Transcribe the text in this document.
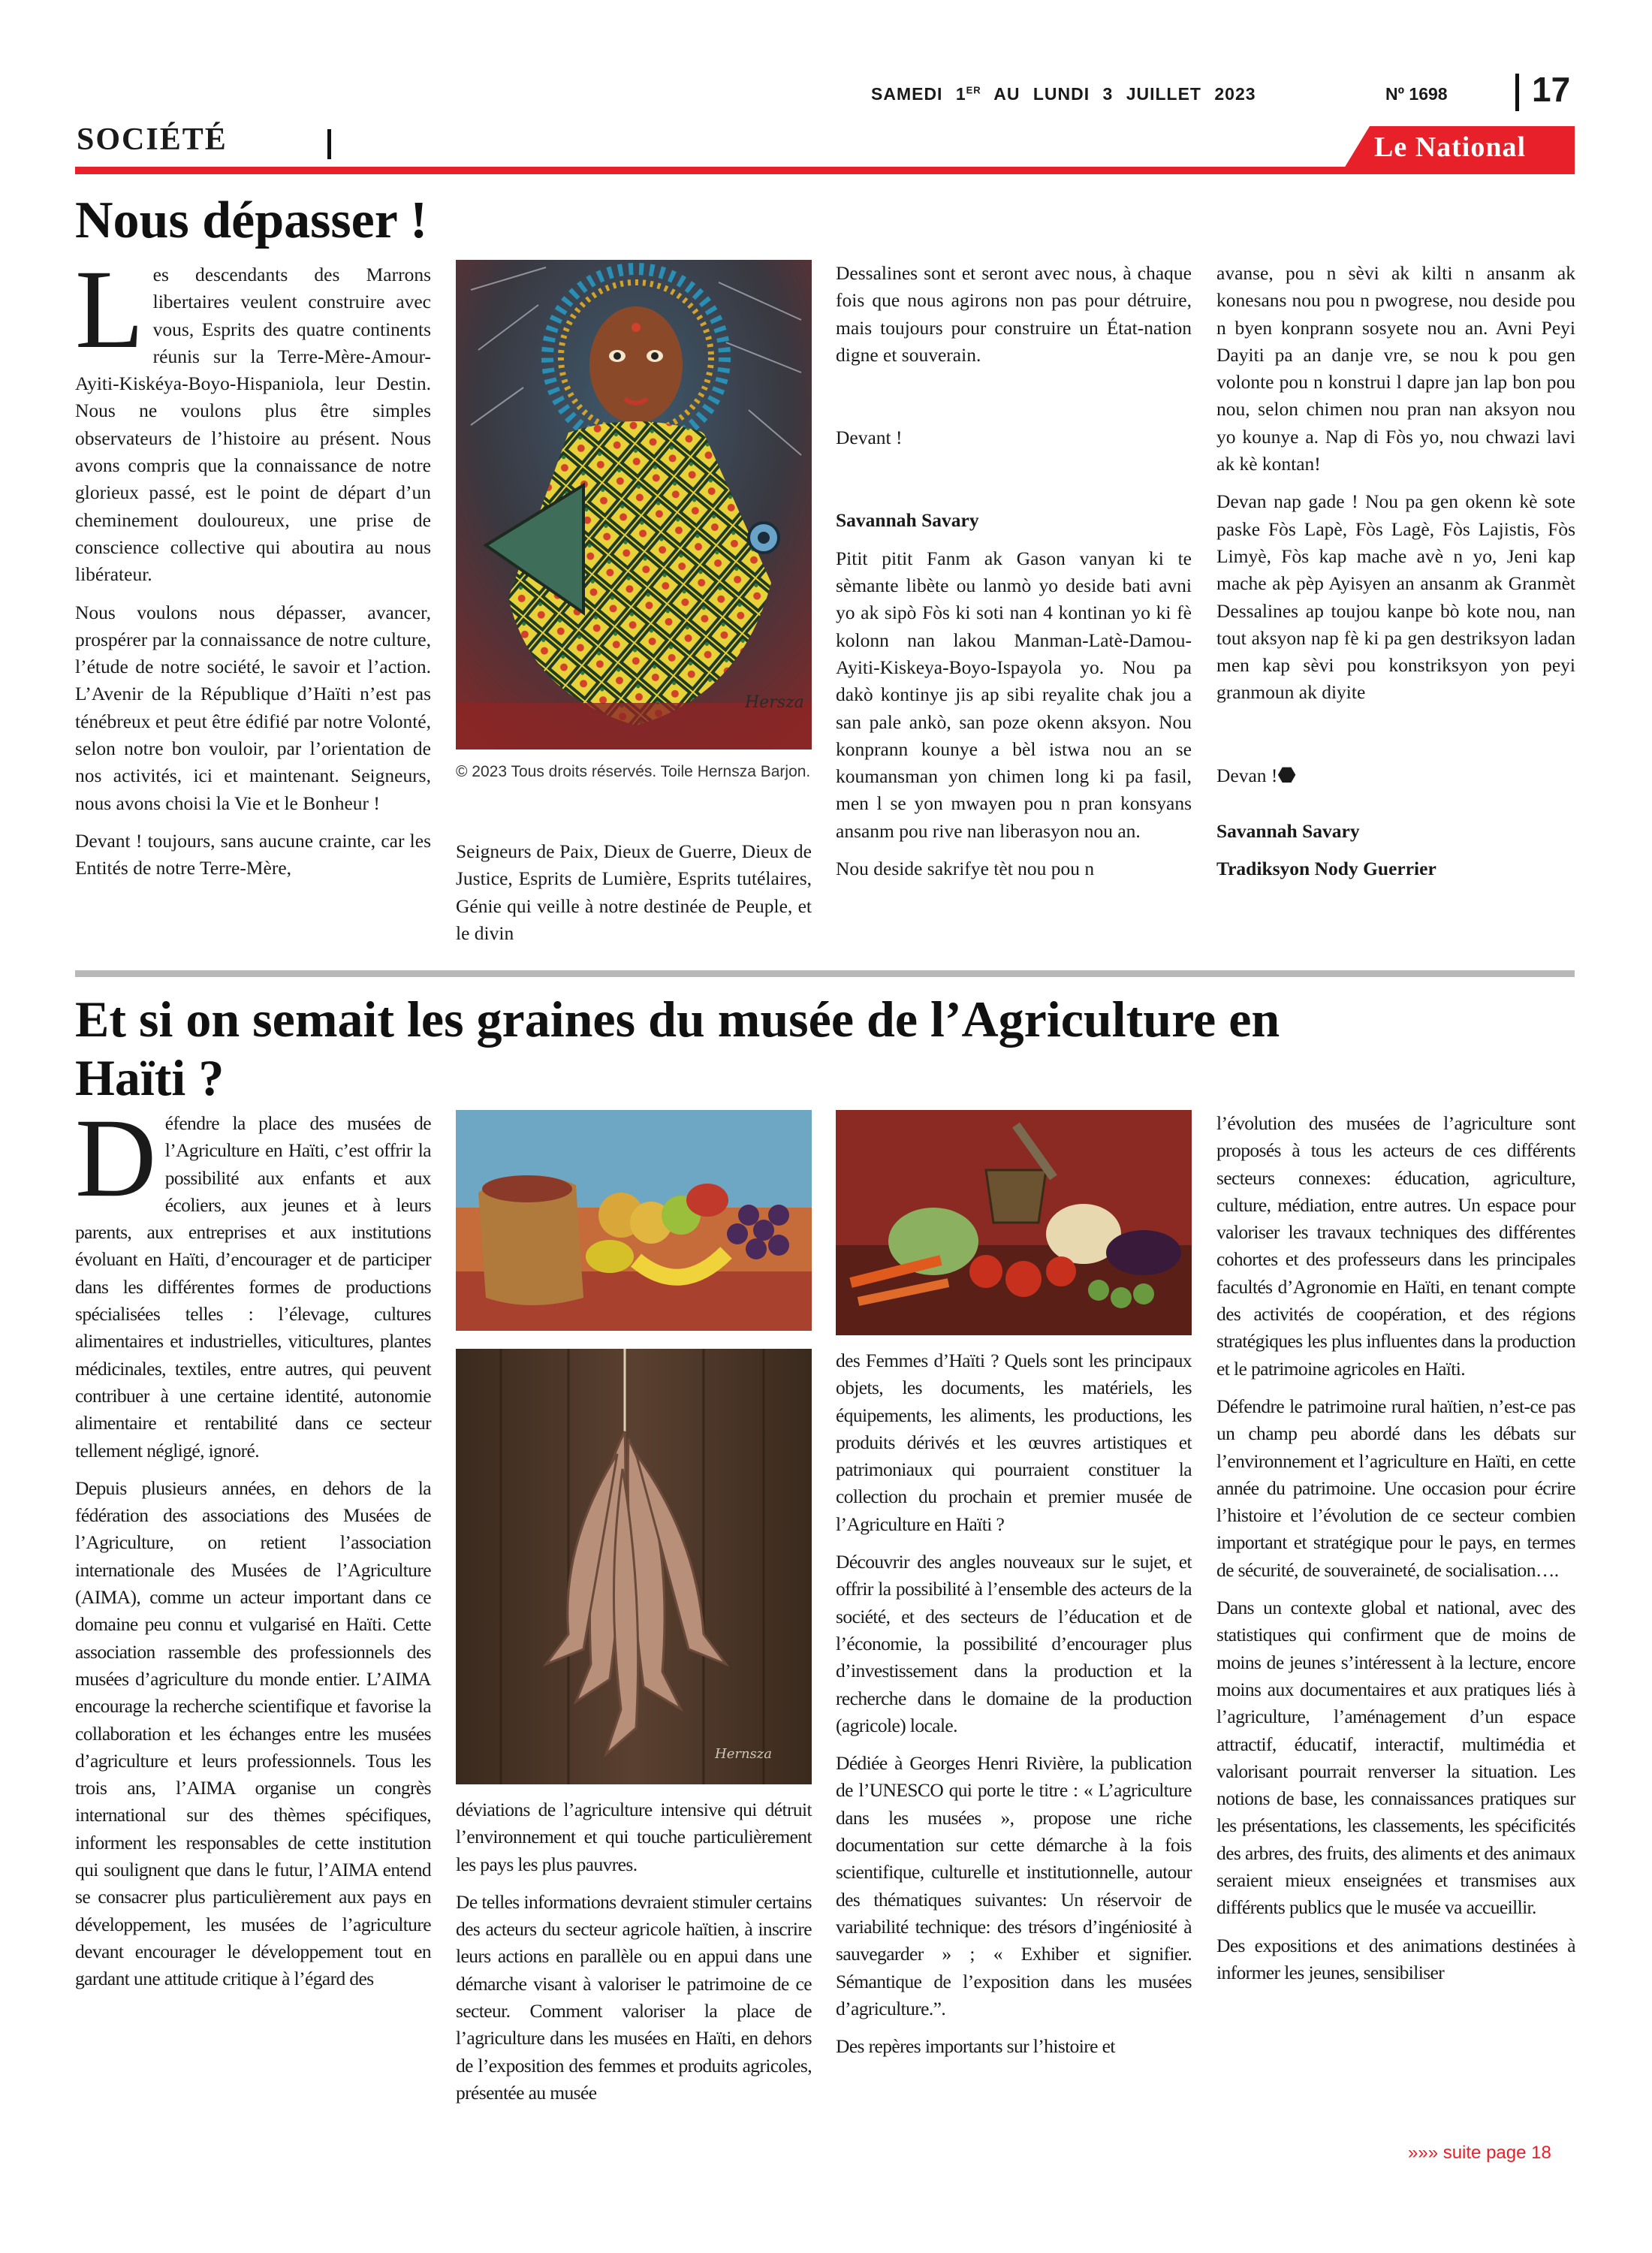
SAMEDI 1ER AU LUNDI 3 JUILLET 2023	Nº 1698 17
SOCIÉTÉ	Le National
Nous dépasser !

Les descendants des Marrons libertaires veulent construire avec vous, Esprits des quatre continents réunis sur la Terre-Mère-Amour-Ayiti-Kiskéya-Boyo-Hispaniola, leur Destin. Nous ne voulons plus être simples observateurs de l’histoire au présent. Nous avons compris que la connaissance de notre glorieux passé, est le point de départ d’un cheminement douloureux, une prise de conscience collective qui aboutira au nous libérateur.

Nous voulons nous dépasser, avancer, prospérer par la connaissance de notre culture, l’étude de notre société, le savoir et l’action. L’Avenir de la République d’Haïti n’est pas ténébreux et peut être édifié par notre Volonté, selon notre bon vouloir, par l’orientation de nos activités, ici et maintenant. Seigneurs, nous avons choisi la Vie et le Bonheur !

Devant ! toujours, sans aucune crainte, car les Entités de notre Terre-Mère,

Hersza
© 2023 Tous droits réservés. Toile Hernsza Barjon.

Seigneurs de Paix, Dieux de Guerre, Dieux de Justice, Esprits de Lumière, Esprits tutélaires, Génie qui veille à notre destinée de Peuple, et le divin

Dessalines sont et seront avec nous, à chaque fois que nous agirons non pas pour détruire, mais toujours pour construire un État-nation digne et souverain.

Devant !

Savannah Savary

Pitit pitit Fanm ak Gason vanyan ki te sèmante libète ou lanmò yo deside bati avni yo ak sipò Fòs ki soti nan 4 kontinan yo ki fè kolonn nan lakou Manman-Latè-Damou-Ayiti-Kiskeya-Boyo-Ispayola yo. Nou pa dakò kontinye jis ap sibi reyalite chak jou a san pale ankò, san poze okenn aksyon. Nou konprann kounye a bèl istwa nou an se koumansman yon chimen long ki pa fasil, men l se yon mwayen pou n pran konsyans ansanm pou rive nan liberasyon nou an.

Nou deside sakrifye tèt nou pou n

avanse, pou n sèvi ak kilti n ansanm ak konesans nou pou n pwogrese, nou deside pou n byen konprann sosyete nou an. Avni Peyi Dayiti pa an danje vre, se nou k pou gen volonte pou n konstrui l dapre jan lap bon pou nou, selon chimen nou pran nan aksyon nou yo kounye a. Nap di Fòs yo, nou chwazi lavi ak kè kontan!

Devan nap gade ! Nou pa gen okenn kè sote paske Fòs Lapè, Fòs Lagè, Fòs Lajistis, Fòs Limyè, Fòs kap mache avè n yo, Jeni kap mache ak pèp Ayisyen an ansanm ak Granmèt Dessalines ap toujou kanpe bò kote nou, nan tout aksyon nap fè ki pa gen destriksyon ladan men kap sèvi pou konstriksyon yon peyi granmoun ak diyite

Devan !⬣

Savannah Savary

Tradiksyon Nody Guerrier

Et si on semait les graines du musée de l’Agriculture en
Haïti ?

Défendre la place des musées de l’Agriculture en Haïti, c’est offrir la possibilité aux enfants et aux écoliers, aux jeunes et à leurs parents, aux entreprises et aux institutions évoluant en Haïti, d’encourager et de participer dans les différentes formes de productions spécialisées telles : l’élevage, cultures alimentaires et industrielles, viticultures, plantes médicinales, textiles, entre autres, qui peuvent contribuer à une certaine identité, autonomie alimentaire et rentabilité dans ce secteur tellement négligé, ignoré.

Depuis plusieurs années, en dehors de la fédération des associations des Musées de l’Agriculture, on retient l’association internationale des Musées de l’Agriculture (AIMA), comme un acteur important dans ce domaine peu connu et vulgarisé en Haïti. Cette association rassemble des professionnels des musées d’agriculture du monde entier. L’AIMA encourage la recherche scientifique et favorise la collaboration et les échanges entre les musées d’agriculture et leurs professionnels. Tous les trois ans, l’AIMA organise un congrès international sur des thèmes spécifiques, informent les responsables de cette institution qui soulignent que dans le futur, l’AIMA entend se consacrer plus particulièrement aux pays en développement, les musées de l’agriculture devant encourager le développement tout en gardant une attitude critique à l’égard des

Hernsza

déviations de l’agriculture intensive qui détruit l’environnement et qui touche particulièrement les pays les plus pauvres.

De telles informations devraient stimuler certains des acteurs du secteur agricole haïtien, à inscrire leurs actions en parallèle ou en appui dans une démarche visant à valoriser le patrimoine de ce secteur. Comment valoriser la place de l’agriculture dans les musées en Haïti, en dehors de l’exposition des femmes et produits agricoles, présentée au musée

des Femmes d’Haïti ? Quels sont les principaux objets, les documents, les matériels, les équipements, les aliments, les productions, les produits dérivés et les œuvres artistiques et patrimoniaux qui pourraient constituer la collection du prochain et premier musée de l’Agriculture en Haïti ?

Découvrir des angles nouveaux sur le sujet, et offrir la possibilité à l’ensemble des acteurs de la société, et des secteurs de l’éducation et de l’économie, la possibilité d’encourager plus d’investissement dans la production et la recherche dans le domaine de la production (agricole) locale.

Dédiée à Georges Henri Rivière, la publication de l’UNESCO qui porte le titre : « L’agriculture dans les musées », propose une riche documentation sur cette démarche à la fois scientifique, culturelle et institutionnelle, autour des thématiques suivantes: Un réservoir de variabilité technique: des trésors d’ingéniosité à sauvegarder » ; « Exhiber et signifier. Sémantique de l’exposition dans les musées d’agriculture.”.

Des repères importants sur l’histoire et

l’évolution des musées de l’agriculture sont proposés à tous les acteurs de ces différents secteurs connexes: éducation, agriculture, culture, médiation, entre autres. Un espace pour valoriser les travaux techniques des différentes cohortes et des professeurs dans les principales facultés d’Agronomie en Haïti, en tenant compte des activités de coopération, et des régions stratégiques les plus influentes dans la production et le patrimoine agricoles en Haïti.

Défendre le patrimoine rural haïtien, n’est-ce pas un champ peu abordé dans les débats sur l’environnement et l’agriculture en Haïti, en cette année du patrimoine. Une occasion pour écrire l’histoire et l’évolution de ce secteur combien important et stratégique pour le pays, en termes de sécurité, de souveraineté, de socialisation….

Dans un contexte global et national, avec des statistiques qui confirment que de moins de moins de jeunes s’intéressent à la lecture, encore moins aux documentaires et aux pratiques liés à l’agriculture, l’aménagement d’un espace attractif, éducatif, interactif, multimédia et valorisant pourrait renverser la situation. Les notions de base, les connaissances pratiques sur les présentations, les classements, les spécificités des arbres, des fruits, des aliments et des animaux seraient mieux enseignées et transmises aux différents publics que le musée va accueillir.

Des expositions et des animations destinées à informer les jeunes, sensibiliser

»»» suite page 18
